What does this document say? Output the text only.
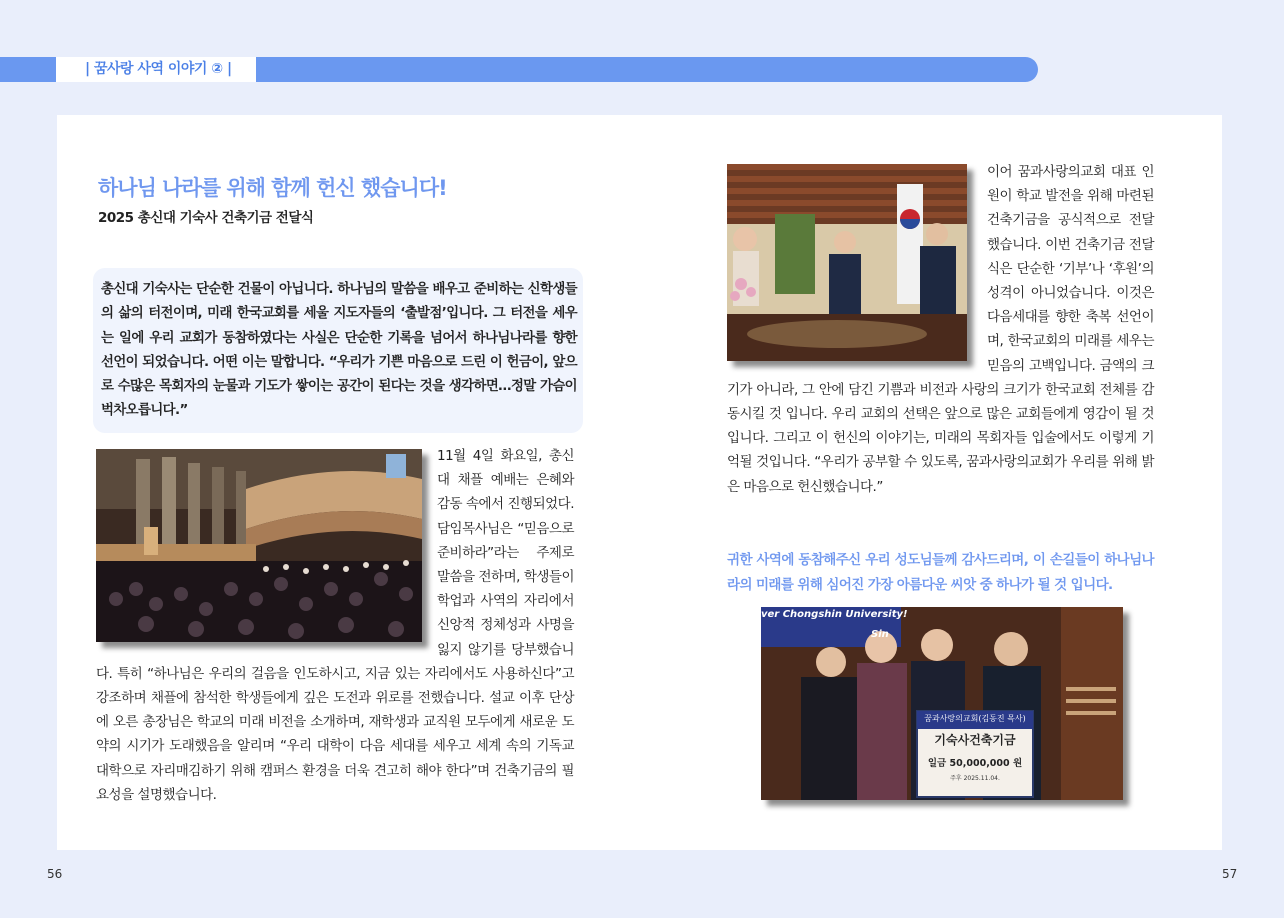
| 꿈사랑 사역 이야기 ② |
하나님 나라를 위해 함께 헌신 했습니다!
2025 총신대 기숙사 건축기금 전달식
총신대 기숙사는 단순한 건물이 아닙니다. 하나님의 말씀을 배우고 준비하는 신학생들의 삶의 터전이며, 미래 한국교회를 세울 지도자들의 ‘출발점’입니다. 그 터전을 세우는 일에 우리 교회가 동참하였다는 사실은 단순한 기록을 넘어서 하나님나라를 향한 선언이 되었습니다. 어떤 이는 말합니다. “우리가 기쁜 마음으로 드린 이 헌금이, 앞으로 수많은 목회자의 눈물과 기도가 쌓이는 공간이 된다는 것을 생각하면…정말 가슴이 벅차오릅니다.”
11월 4일 화요일, 총신대 채플 예배는 은혜와 감동 속에서 진행되었다. 담임목사님은 “믿음으로 준비하라”라는 주제로 말씀을 전하며, 학생들이 학업과 사역의 자리에서 신앙적 정체성과 사명을 잃지 않기를 당부했습니다. 특히 “하나님은 우리의 걸음을 인도하시고, 지금 있는 자리에서도 사용하신다”고 강조하며 채플에 참석한 학생들에게 깊은 도전과 위로를 전했습니다. 설교 이후 단상에 오른 총장님은 학교의 미래 비전을 소개하며, 재학생과 교직원 모두에게 새로운 도약의 시기가 도래했음을 알리며 “우리 대학이 다음 세대를 세우고 세계 속의 기독교 대학으로 자리매김하기 위해 캠퍼스 환경을 더욱 견고히 해야 한다”며 건축기금의 필요성을 설명했습니다.
이어 꿈과사랑의교회 대표 인원이 학교 발전을 위해 마련된 건축기금을 공식적으로 전달했습니다. 이번 건축기금 전달식은 단순한 ‘기부’나 ‘후원’의 성격이 아니었습니다. 이것은 다음세대를 향한 축복 선언이며, 한국교회의 미래를 세우는 믿음의 고백입니다. 금액의 크기가 아니라, 그 안에 담긴 기쁨과 비전과 사랑의 크기가 한국교회 전체를 감동시킬 것 입니다. 우리 교회의 선택은 앞으로 많은 교회들에게 영감이 될 것입니다. 그리고 이 헌신의 이야기는, 미래의 목회자들 입술에서도 이렇게 기억될 것입니다. “우리가 공부할 수 있도록, 꿈과사랑의교회가 우리를 위해 밝은 마음으로 헌신했습니다.”
귀한 사역에 동참해주신 우리 성도님들께 감사드리며, 이 손길들이 하나님나라의 미래를 위해 심어진 가장 아름다운 씨앗 중 하나가 될 것 입니다.
ver Chongshin University!
Sin
꿈과사랑의교회(김동진 목사)
기숙사건축기금
일금 50,000,000 원
주후 2025.11.04.
56	57
